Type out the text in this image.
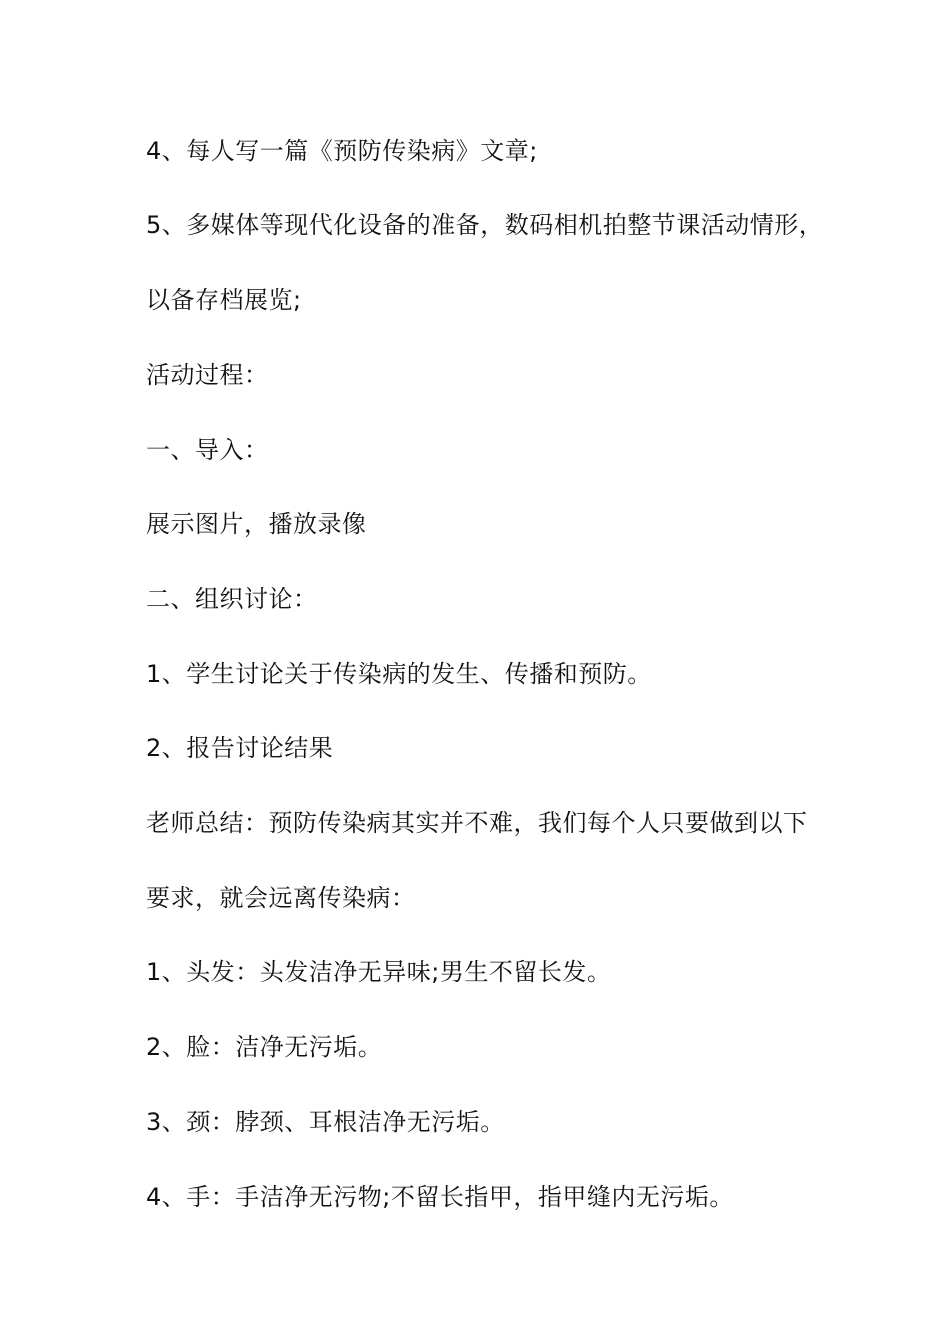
4、每人写一篇《预防传染病》文章;
5、多媒体等现代化设备的准备，数码相机拍整节课活动情形，
以备存档展览;
活动过程：
一、导入：
展示图片，播放录像
二、组织讨论：
1、学生讨论关于传染病的发生、传播和预防。
2、报告讨论结果
老师总结：预防传染病其实并不难，我们每个人只要做到以下
要求，就会远离传染病：
1、头发：头发洁净无异味;男生不留长发。
2、脸：洁净无污垢。
3、颈：脖颈、耳根洁净无污垢。
4、手：手洁净无污物;不留长指甲，指甲缝内无污垢。
